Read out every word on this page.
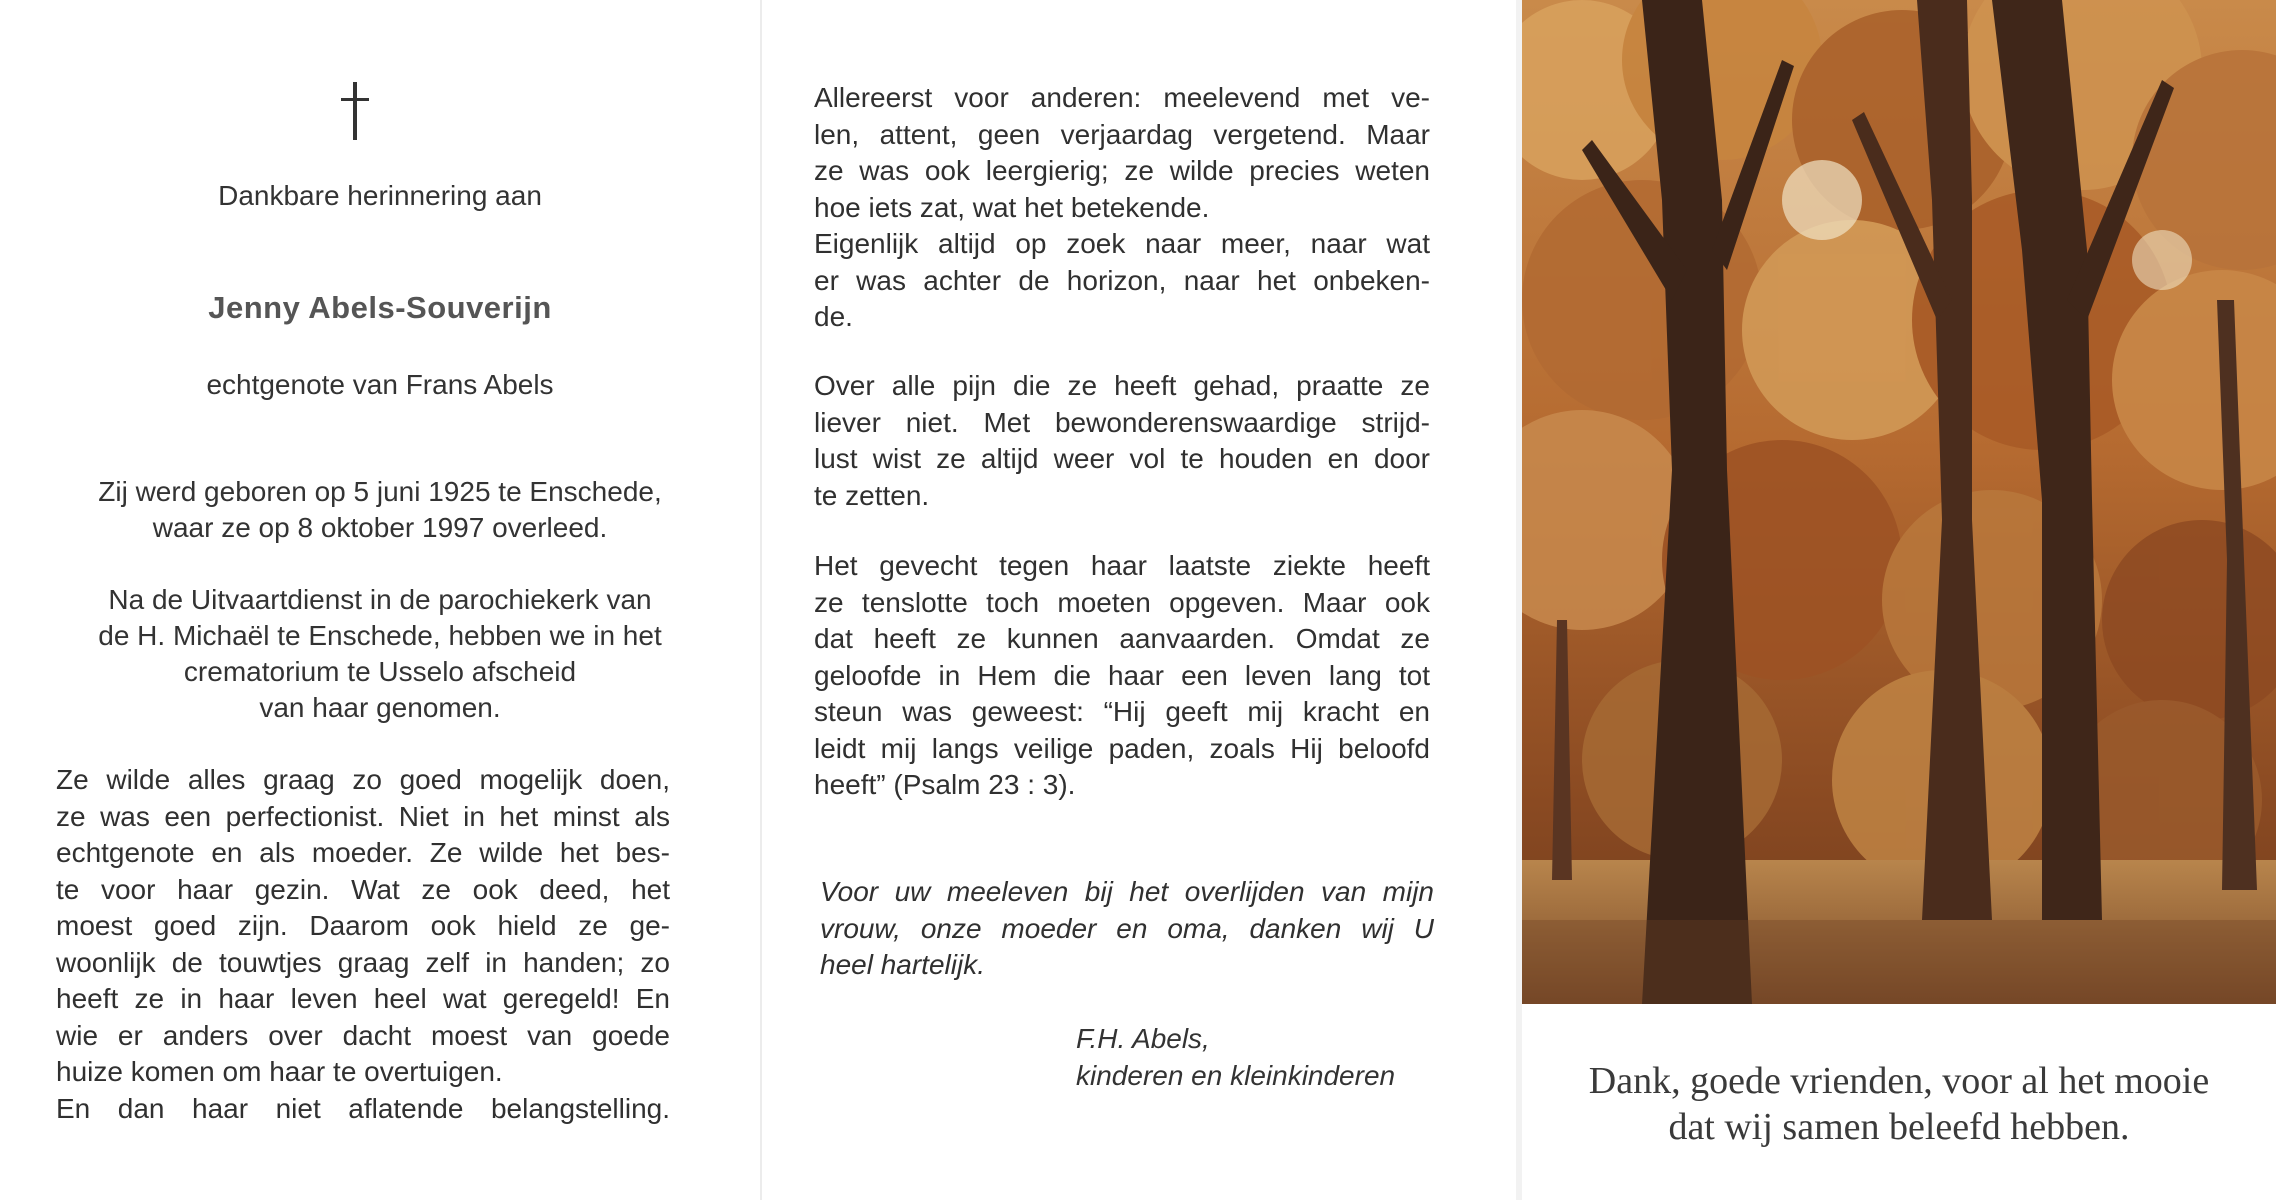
Dankbare herinnering aan
Jenny Abels-Souverijn
echtgenote van Frans Abels
Zij werd geboren op 5 juni 1925 te Enschede,
waar ze op 8 oktober 1997 overleed.
Na de Uitvaartdienst in de parochiekerk van
de H. Michaël te Enschede, hebben we in het
crematorium te Usselo afscheid
van haar genomen.
Ze wilde alles graag zo goed mogelijk doen,
ze was een perfectionist. Niet in het minst als
echtgenote en als moeder. Ze wilde het bes-
te voor haar gezin. Wat ze ook deed, het
moest goed zijn. Daarom ook hield ze ge-
woonlijk de touwtjes graag zelf in handen; zo
heeft ze in haar leven heel wat geregeld! En
wie er anders over dacht moest van goede
huize komen om haar te overtuigen.
En dan haar niet aflatende belangstelling.
Allereerst voor anderen: meelevend met ve-
len, attent, geen verjaardag vergetend. Maar
ze was ook leergierig; ze wilde precies weten
hoe iets zat, wat het betekende.
Eigenlijk altijd op zoek naar meer, naar wat
er was achter de horizon, naar het onbeken-
de.
Over alle pijn die ze heeft gehad, praatte ze
liever niet. Met bewonderenswaardige strijd-
lust wist ze altijd weer vol te houden en door
te zetten.
Het gevecht tegen haar laatste ziekte heeft
ze tenslotte toch moeten opgeven. Maar ook
dat heeft ze kunnen aanvaarden. Omdat ze
geloofde in Hem die haar een leven lang tot
steun was geweest: “Hij geeft mij kracht en
leidt mij langs veilige paden, zoals Hij beloofd
heeft” (Psalm 23 : 3).
Voor uw meeleven bij het overlijden van mijn
vrouw, onze moeder en oma, danken wij U
heel hartelijk.
F.H. Abels,
kinderen en kleinkinderen	Dank, goede vrienden, voor al het mooie
dat wij samen beleefd hebben.
